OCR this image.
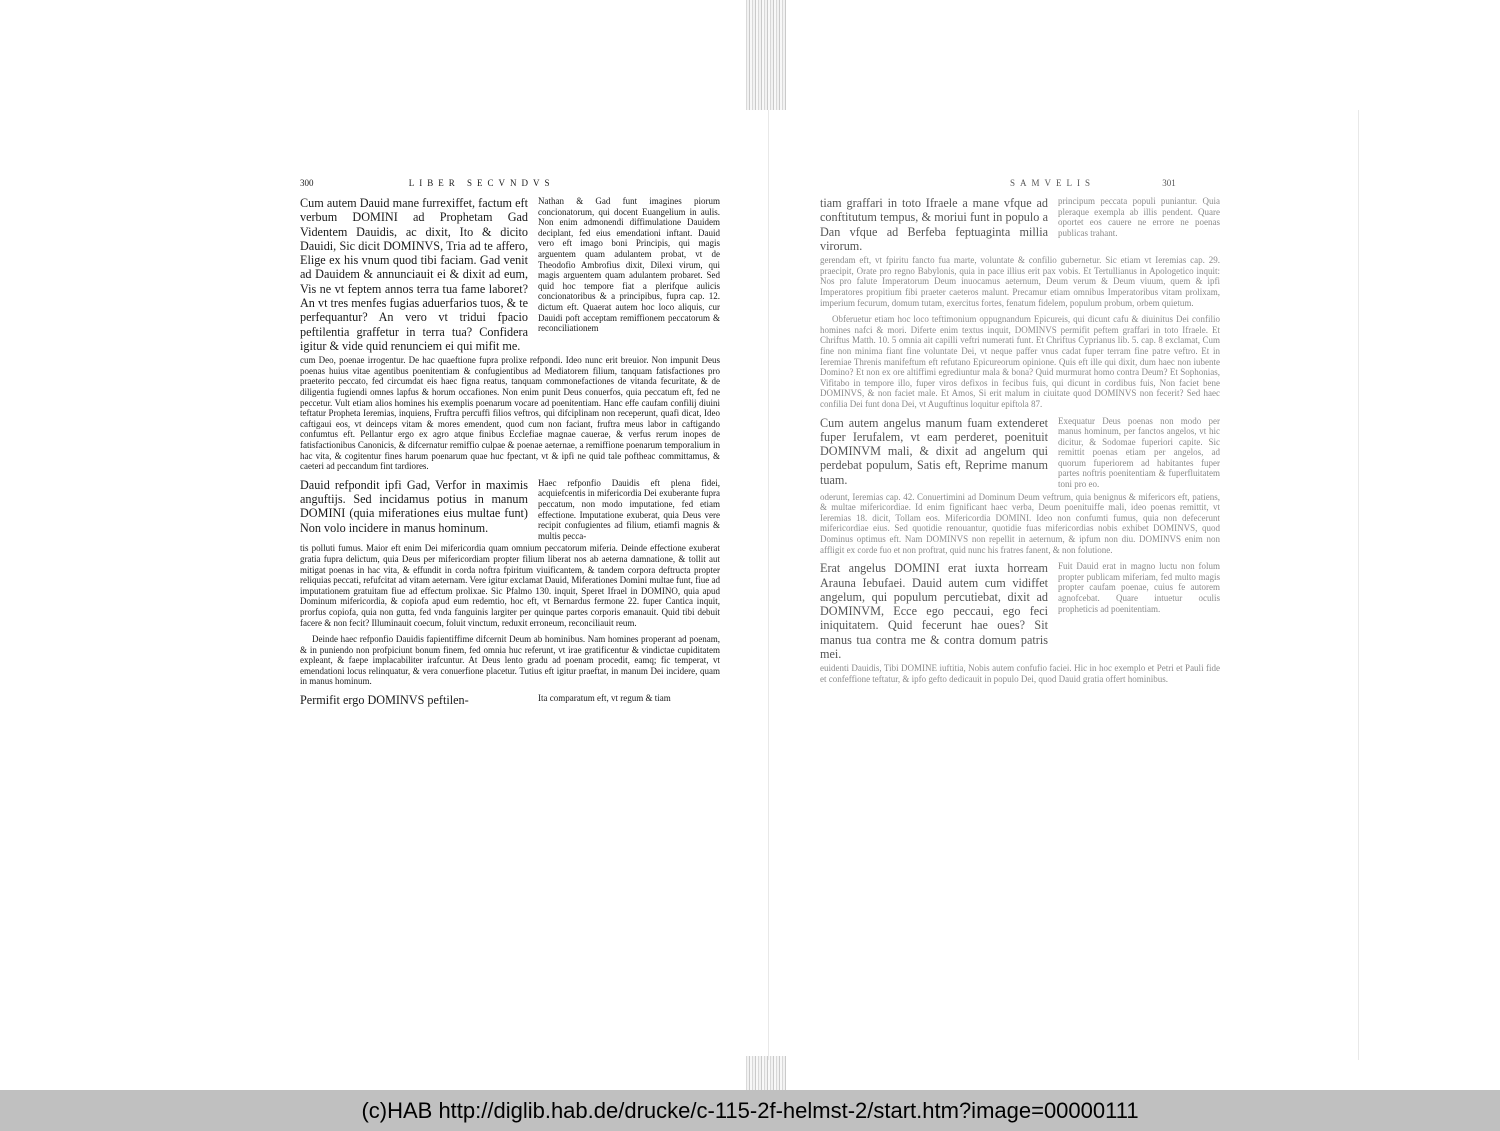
300	LIBER SECVNDVS
Cum autem Dauid mane furrexiffet, factum eft verbum DOMINI ad Prophetam Gad Videntem Dauidis, ac dixit, Ito & dicito Dauidi, Sic dicit DOMINVS, Tria ad te affero, Elige ex his vnum quod tibi faciam. Gad venit ad Dauidem & annunciauit ei & dixit ad eum, Vis ne vt feptem annos terra tua fame laboret? An vt tres menfes fugias aduerfarios tuos, & te perfequantur? An vero vt tridui fpacio peftilentia graffetur in terra tua? Confidera igitur & vide quid renunciem ei qui mifit me.
Nathan & Gad funt imagines piorum concionatorum, qui docent Euangelium in aulis. Non enim admonendi diffimulatione Dauidem deciplant, fed eius emendationi inftant. Dauid vero eft imago boni Principis, qui magis arguentem quam adulantem probat, vt de Theodofio Ambrofius dixit, Dilexi virum, qui magis arguentem quam adulantem probaret. Sed quid hoc tempore fiat a plerifque aulicis concionatoribus & a principibus, fupra cap. 12. dictum eft. Quaerat autem hoc loco aliquis, cur Dauidi poft acceptam remiffionem peccatorum & reconciliationem
cum Deo, poenae irrogentur. De hac quaeftione fupra prolixe refpondi. Ideo nunc erit breuior. Non impunit Deus poenas huius vitae agentibus poenitentiam & confugientibus ad Mediatorem filium, tanquam fatisfactiones pro praeterito peccato, fed circumdat eis haec figna reatus, tanquam commonefactiones de vitanda fecuritate, & de diligentia fugiendi omnes lapfus & horum occafiones. Non enim punit Deus conuerfos, quia peccatum eft, fed ne peccetur. Vult etiam alios homines his exemplis poenarum vocare ad poenitentiam. Hanc effe caufam confilij diuini teftatur Propheta Ieremias, inquiens, Fruftra percuffi filios veftros, qui difciplinam non receperunt, quafi dicat, Ideo caftigaui eos, vt deinceps vitam & mores emendent, quod cum non faciant, fruftra meus labor in caftigando confumtus eft. Pellantur ergo ex agro atque finibus Ecclefiae magnae cauerae, & verfus rerum inopes de fatisfactionibus Canonicis, & difcernatur remiffio culpae & poenae aeternae, a remiffione poenarum temporalium in hac vita, & cogitentur fines harum poenarum quae huc fpectant, vt & ipfi ne quid tale poftheac committamus, & caeteri ad peccandum fint tardiores.
Dauid refpondit ipfi Gad, Verfor in maximis anguftijs. Sed incidamus potius in manum DOMINI (quia miferationes eius multae funt) Non volo incidere in manus hominum.
Haec refponfio Dauidis eft plena fidei, acquiefcentis in mifericordia Dei exuberante fupra peccatum, non modo imputatione, fed etiam effectione. Imputatione exuberat, quia Deus vere recipit confugientes ad filium, etiamfi magnis & multis pecca-
tis polluti fumus. Maior eft enim Dei mifericordia quam omnium peccatorum miferia. Deinde effectione exuberat gratia fupra delictum, quia Deus per mifericordiam propter filium liberat nos ab aeterna damnatione, & tollit aut mitigat poenas in hac vita, & effundit in corda noftra fpiritum viuificantem, & tandem corpora deftructa propter reliquias peccati, refufcitat ad vitam aeternam. Vere igitur exclamat Dauid, Miferationes Domini multae funt, fiue ad imputationem gratuitam fiue ad effectum prolixae. Sic Pfalmo 130. inquit, Speret Ifrael in DOMINO, quia apud Dominum mifericordia, & copiofa apud eum redemtio, hoc eft, vt Bernardus fermone 22. fuper Cantica inquit, prorfus copiofa, quia non gutta, fed vnda fanguinis largiter per quinque partes corporis emanauit. Quid tibi debuit facere & non fecit? Illuminauit coecum, foluit vinctum, reduxit erroneum, reconciliauit reum.
Deinde haec refponfio Dauidis fapientiffime difcernit Deum ab hominibus. Nam homines properant ad poenam, & in puniendo non profpiciunt bonum finem, fed omnia huc referunt, vt irae gratificentur & vindictae cupiditatem expleant, & faepe implacabiliter irafcuntur. At Deus lento gradu ad poenam procedit, eamq; fic temperat, vt emendationi locus relinquatur, & vera conuerfione placetur. Tutius eft igitur praeftat, in manum Dei incidere, quam in manus hominum.
Permifit ergo DOMINVS peftilen-	Ita comparatum eft, vt regum & tiam
SAMVELIS	301
tiam graffari in toto Ifraele a mane vfque ad conftitutum tempus, & moriui funt in populo a Dan vfque ad Berfeba feptuaginta millia virorum.
principum peccata populi puniantur. Quia pleraque exempla ab illis pendent. Quare oportet eos cauere ne errore ne poenas publicas trahant.
gerendam eft, vt fpiritu fancto fua marte, voluntate & confilio gubernetur. Sic etiam vt Ieremias cap. 29. praecipit, Orate pro regno Babylonis, quia in pace illius erit pax vobis. Et Tertullianus in Apologetico inquit: Nos pro falute Imperatorum Deum inuocamus aeternum, Deum verum & Deum viuum, quem & ipfi Imperatores propitium fibi praeter caeteros malunt. Precamur etiam omnibus Imperatoribus vitam prolixam, imperium fecurum, domum tutam, exercitus fortes, fenatum fidelem, populum probum, orbem quietum.
Obferuetur etiam hoc loco teftimonium oppugnandum Epicureis, qui dicunt cafu & diuinitus Dei confilio homines nafci & mori. Diferte enim textus inquit, DOMINVS permifit peftem graffari in toto Ifraele. Et Chriftus Matth. 10. 5 omnia ait capilli veftri numerati funt. Et Chriftus Cyprianus lib. 5. cap. 8 exclamat, Cum fine non minima fiant fine voluntate Dei, vt neque paffer vnus cadat fuper terram fine patre veftro. Et in Ieremiae Threnis manifeftum eft refutano Epicureorum opinione. Quis eft ille qui dixit, dum haec non iubente Domino? Et non ex ore altiffimi egrediuntur mala & bona? Quid murmurat homo contra Deum? Et Sophonias, Vifitabo in tempore illo, fuper viros defixos in fecibus fuis, qui dicunt in cordibus fuis, Non faciet bene DOMINVS, & non faciet male. Et Amos, Si erit malum in ciuitate quod DOMINVS non fecerit? Sed haec confilia Dei funt dona Dei, vt Auguftinus loquitur epiftola 87.
Cum autem angelus manum fuam extenderet fuper Ierufalem, vt eam perderet, poenituit DOMINVM mali, & dixit ad angelum qui perdebat populum, Satis eft, Reprime manum tuam.
Exequatur Deus poenas non modo per manus hominum, per fanctos angelos, vt hic dicitur, & Sodomae fuperiori capite. Sic remittit poenas etiam per angelos, ad quorum fuperiorem ad habitantes fuper partes noftris poenitentiam & fuperfluitatem toni pro eo.
oderunt, Ieremias cap. 42. Conuertimini ad Dominum Deum veftrum, quia benignus & mifericors eft, patiens, & multae mifericordiae. Id enim fignificant haec verba, Deum poenituiffe mali, ideo poenas remittit, vt Ieremias 18. dicit, Tollam eos. Mifericordia DOMINI. Ideo non confumti fumus, quia non defecerunt mifericordiae eius. Sed quotidie renouantur, quotidie fuas mifericordias nobis exhibet DOMINVS, quod Dominus optimus eft. Nam DOMINVS non repellit in aeternum, & ipfum non diu. DOMINVS enim non affligit ex corde fuo et non proftrat, quid nunc his fratres fanent, & non folutione.
Erat angelus DOMINI erat iuxta horream Arauna Iebufaei. Dauid autem cum vidiffet angelum, qui populum percutiebat, dixit ad DOMINVM, Ecce ego peccaui, ego feci iniquitatem. Quid fecerunt hae oues? Sit manus tua contra me & contra domum patris mei.
Fuit Dauid erat in magno luctu non folum propter publicam miferiam, fed multo magis propter caufam poenae, cuius fe autorem agnofcebat. Quare intuetur oculis propheticis ad poenitentiam.
euidenti Dauidis, Tibi DOMINE iuftitia, Nobis autem confufio faciei. Hic in hoc exemplo et Petri et Pauli fide et confeffione teftatur, & ipfo gefto dedicauit in populo Dei, quod Dauid gratia offert hominibus.
(c)HAB http://diglib.hab.de/drucke/c-115-2f-helmst-2/start.htm?image=00000111
